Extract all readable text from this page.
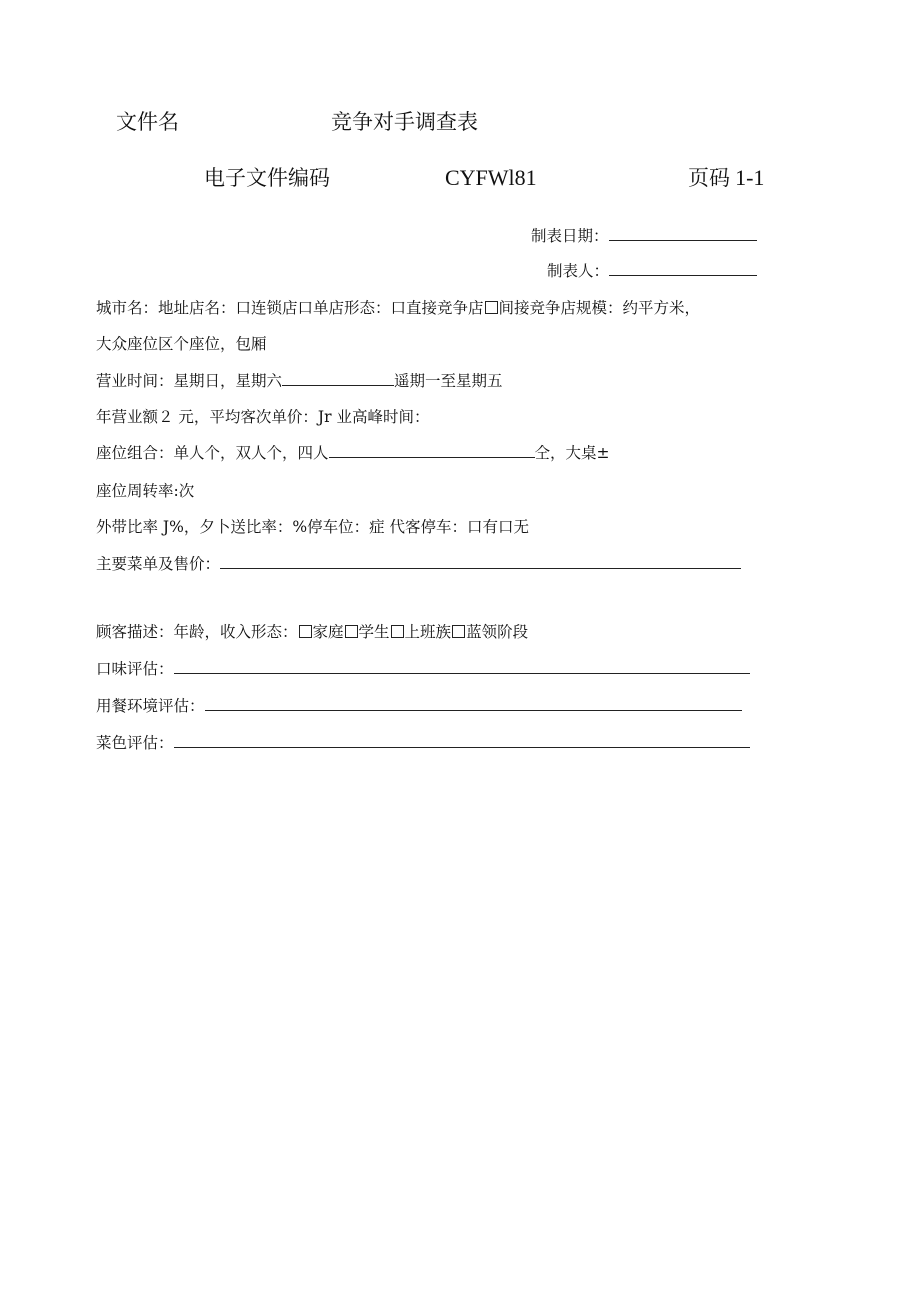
文件名	竞争对手调查表
电子文件编码	CYFWl81	页码 1-1
制表日期：
制表人：
城市名：地址店名：口连锁店口单店形态：口直接竞争店 间接竞争店规模：约平方米，
大众座位区个座位，包厢
营业时间：星期日，星期六	遥期一至星期五
年营业额２ 元，平均客次单价：Jr 业高峰时间：
座位组合：单人个，双人个，四人	仝，大桌±
座位周转率:次
外带比率 J%，夕卜送比率：%停车位：症 代客停车：口有口无
主要菜单及售价：
顾客描述：年龄，收入形态： 家庭 学生 上班族 蓝领阶段
口味评估：
用餐环境评估：
菜色评估：
